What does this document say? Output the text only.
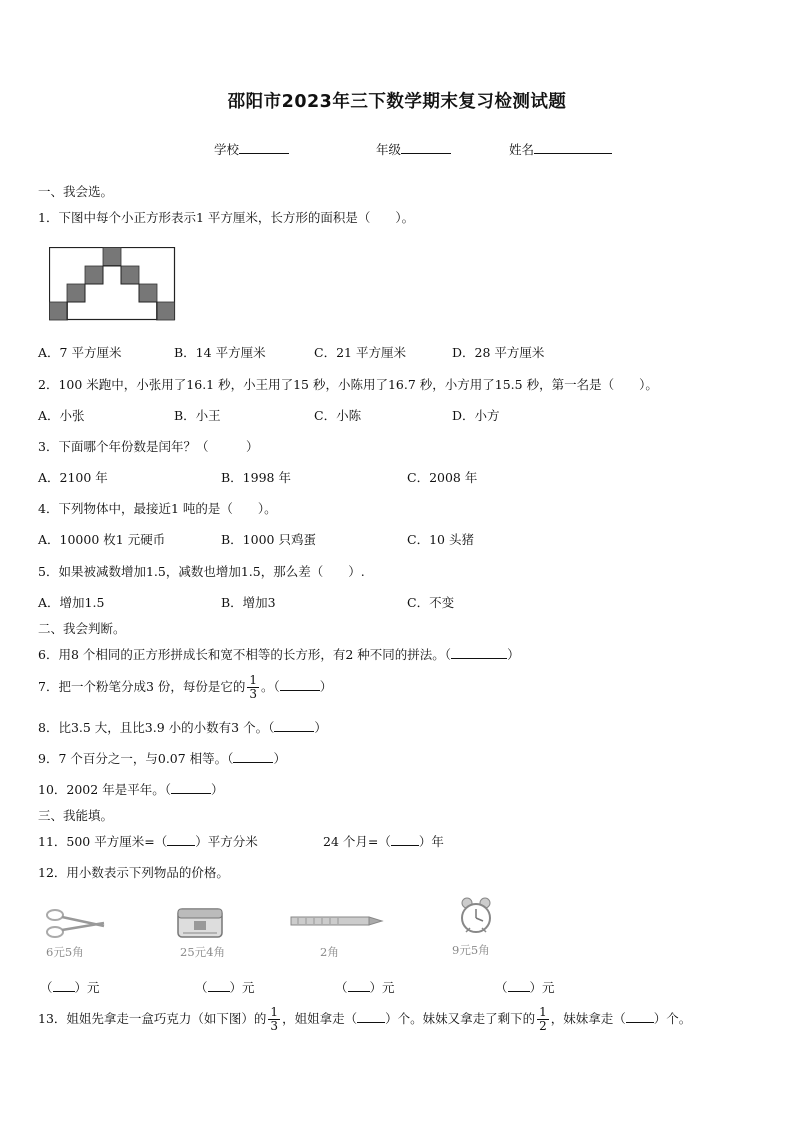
邵阳市2023年三下数学期末复习检测试题
学校	年级	姓名
一、我会选。
1．下图中每个小正方形表示1 平方厘米，长方形的面积是（　　）。
A．7 平方厘米	B．14 平方厘米	C．21 平方厘米	D．28 平方厘米
2．100 米跑中，小张用了16.1 秒，小王用了15 秒，小陈用了16.7 秒，小方用了15.5 秒，第一名是（　　）。
A．小张	B．小王	C．小陈	D．小方
3．下面哪个年份数是闰年？（　　　）
A．2100 年	B．1998 年	C．2008 年
4．下列物体中，最接近1 吨的是（　　）。
A．10000 枚1 元硬币	B．1000 只鸡蛋	C．10 头猪
5．如果被减数增加1.5，减数也增加1.5，那么差（　　）.
A．增加1.5	B．增加3	C．不变
二、我会判断。
6．用8 个相同的正方形拼成长和宽不相等的长方形，有2 种不同的拼法。（	）
7．把一个粉笔分成3 份，每份是它的 $\frac{1}{3}$ 。（	）
8．比3.5 大，且比3.9 小的小数有3 个。（	）
9．7 个百分之一，与0.07 相等。（	）
10．2002 年是平年。（	）
三、我能填。
11．500 平方厘米=（ ）平方分米	24 个月=（ ）年
12．用小数表示下列物品的价格。
6元5角	25元4角	2角	9元5角
（ ）元	（ ）元	（ ）元	（ ）元
13．姐姐先拿走一盒巧克力（如下图）的 $\frac{1}{3}$ ，姐姐拿走（ ）个。妹妹又拿走了剩下的 $\frac{1}{2}$ ，妹妹拿走（ ）个。
